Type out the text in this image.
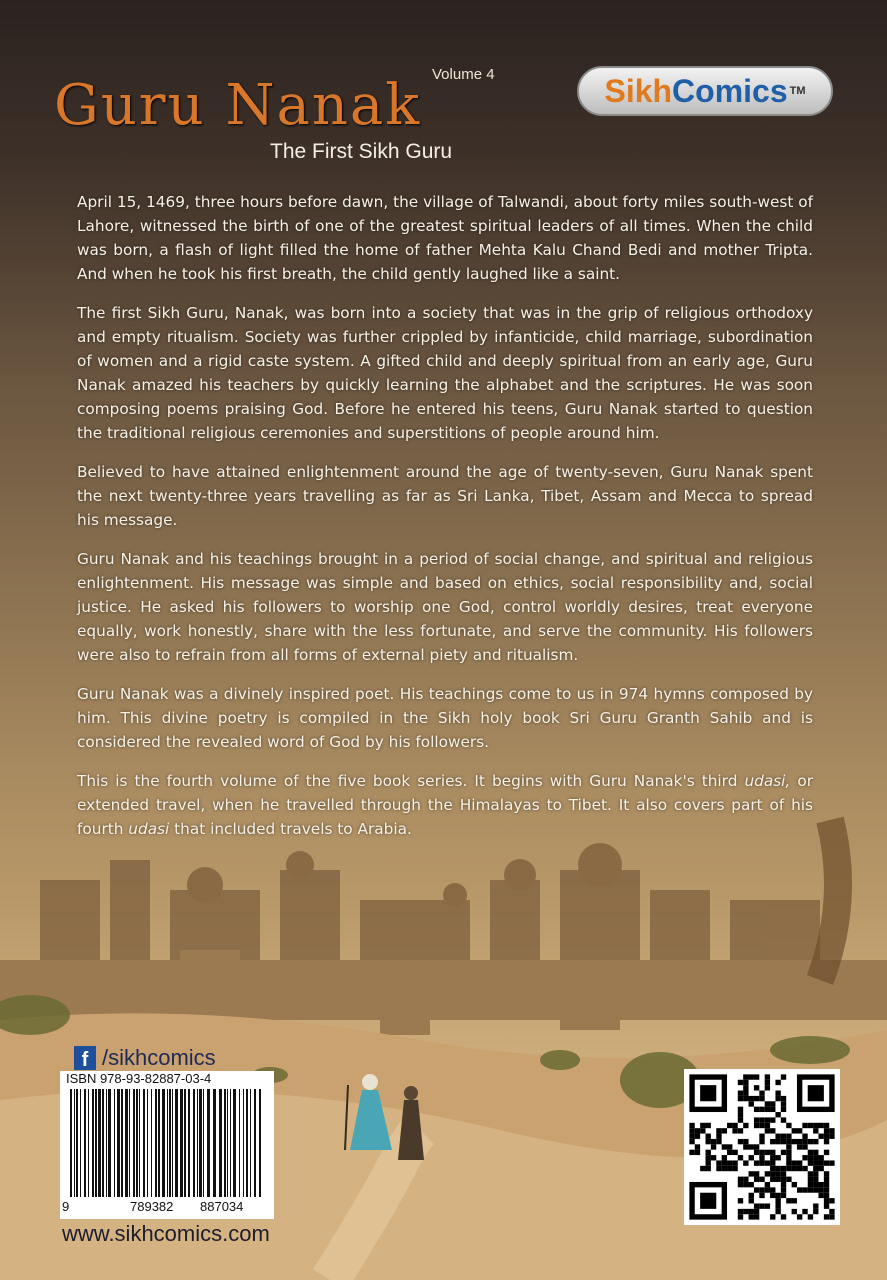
Volume 4
Guru Nanak
The First Sikh Guru
Sikh Comics TM

April 15, 1469, three hours before dawn, the village of Talwandi, about forty miles south-west of Lahore, witnessed the birth of one of the greatest spiritual leaders of all times. When the child was born, a flash of light filled the home of father Mehta Kalu Chand Bedi and mother Tripta. And when he took his first breath, the child gently laughed like a saint.

The first Sikh Guru, Nanak, was born into a society that was in the grip of religious orthodoxy and empty ritualism. Society was further crippled by infanticide, child marriage, subordination of women and a rigid caste system. A gifted child and deeply spiritual from an early age, Guru Nanak amazed his teachers by quickly learning the alphabet and the scriptures. He was soon composing poems praising God. Before he entered his teens, Guru Nanak started to question the traditional religious ceremonies and superstitions of people around him.

Believed to have attained enlightenment around the age of twenty-seven, Guru Nanak spent the next twenty-three years travelling as far as Sri Lanka, Tibet, Assam and Mecca to spread his message.

Guru Nanak and his teachings brought in a period of social change, and spiritual and religious enlightenment. His message was simple and based on ethics, social responsibility and, social justice. He asked his followers to worship one God, control worldly desires, treat everyone equally, work honestly, share with the less fortunate, and serve the community. His followers were also to refrain from all forms of external piety and ritualism.

Guru Nanak was a divinely inspired poet. His teachings come to us in 974 hymns composed by him. This divine poetry is compiled in the Sikh holy book Sri Guru Granth Sahib and is considered the revealed word of God by his followers.

This is the fourth volume of the five book series. It begins with Guru Nanak's third udasi, or extended travel, when he travelled through the Himalayas to Tibet. It also covers part of his fourth udasi that included travels to Arabia.

f /sikhcomics
ISBN 978-93-82887-03-4
9	789382 887034
www.sikhcomics.com
